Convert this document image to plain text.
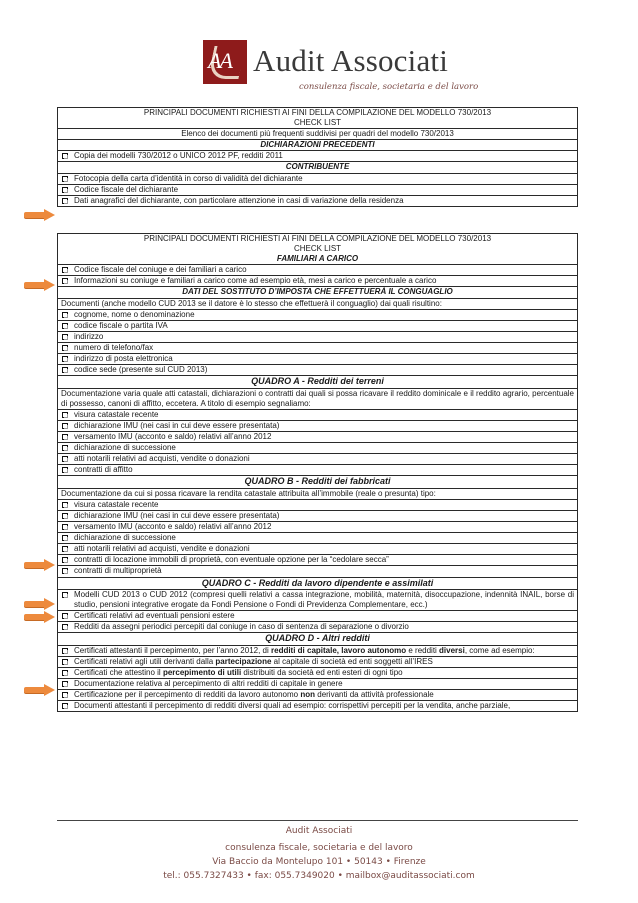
AA Audit Associati
consulenza fiscale, societaria e del lavoro
PRINCIPALI DOCUMENTI RICHIESTI AI FINI DELLA COMPILAZIONE DEL MODELLO 730/2013
CHECK LIST
Elenco dei documenti più frequenti suddivisi per quadri del modello 730/2013
DICHIARAZIONI PRECEDENTI
Copia dei modelli 730/2012 o UNICO 2012 PF, redditi 2011
CONTRIBUENTE
Fotocopia della carta d’identità in corso di validità del dichiarante
Codice fiscale del dichiarante
Dati anagrafici del dichiarante, con particolare attenzione in casi di variazione della residenza
PRINCIPALI DOCUMENTI RICHIESTI AI FINI DELLA COMPILAZIONE DEL MODELLO 730/2013
CHECK LIST
FAMILIARI A CARICO
Codice fiscale del coniuge e dei familiari a carico
Informazioni su coniuge e familiari a carico come ad esempio età, mesi a carico e percentuale a carico
DATI DEL SOSTITUTO D’IMPOSTA CHE EFFETTUERÀ IL CONGUAGLIO
Documenti (anche modello CUD 2013 se il datore è lo stesso che effettuerà il conguaglio) dai quali risultino:
cognome, nome o denominazione
codice fiscale o partita IVA
indirizzo
numero di telefono/fax
indirizzo di posta elettronica
codice sede (presente sul CUD 2013)
QUADRO A - Redditi dei terreni
Documentazione varia quale atti catastali, dichiarazioni o contratti dai quali si possa ricavare il reddito dominicale e il reddito agrario, percentuale di possesso, canoni di affitto, eccetera. A titolo di esempio segnaliamo:
visura catastale recente
dichiarazione IMU (nei casi in cui deve essere presentata)
versamento IMU (acconto e saldo) relativi all’anno 2012
dichiarazione di successione
atti notarili relativi ad acquisti, vendite o donazioni
contratti di affitto
QUADRO B - Redditi dei fabbricati
Documentazione da cui si possa ricavare la rendita catastale attribuita all’immobile (reale o presunta) tipo:
visura catastale recente
dichiarazione IMU (nei casi in cui deve essere presentata)
versamento IMU (acconto e saldo) relativi all’anno 2012
dichiarazione di successione
atti notarili relativi ad acquisti, vendite e donazioni
contratti di locazione immobili di proprietà, con eventuale opzione per la “cedolare secca”
contratti di multiproprietà
QUADRO C - Redditi da lavoro dipendente e assimilati
Modelli CUD 2013 o CUD 2012 (compresi quelli relativi a cassa integrazione, mobilità, maternità, disoccupazione, indennità INAIL, borse di studio, pensioni integrative erogate da Fondi Pensione o Fondi di Previdenza Complementare, ecc.)
Certificati relativi ad eventuali pensioni estere
Redditi da assegni periodici percepiti dal coniuge in caso di sentenza di separazione o divorzio
QUADRO D - Altri redditi
Certificati attestanti il percepimento, per l’anno 2012, di redditi di capitale, lavoro autonomo e redditi diversi, come ad esempio:
Certificati relativi agli utili derivanti dalla partecipazione al capitale di società ed enti soggetti all’IRES
Certificati che attestino il percepimento di utili distribuiti da società ed enti esteri di ogni tipo
Documentazione relativa al percepimento di altri redditi di capitale in genere
Certificazione per il percepimento di redditi da lavoro autonomo non derivanti da attività professionale
Documenti attestanti il percepimento di redditi diversi quali ad esempio: corrispettivi percepiti per la vendita, anche parziale,
Audit Associati
consulenza fiscale, societaria e del lavoro
Via Baccio da Montelupo 101 • 50143 • Firenze
tel.: 055.7327433 • fax: 055.7349020 • mailbox@auditassociati.com
